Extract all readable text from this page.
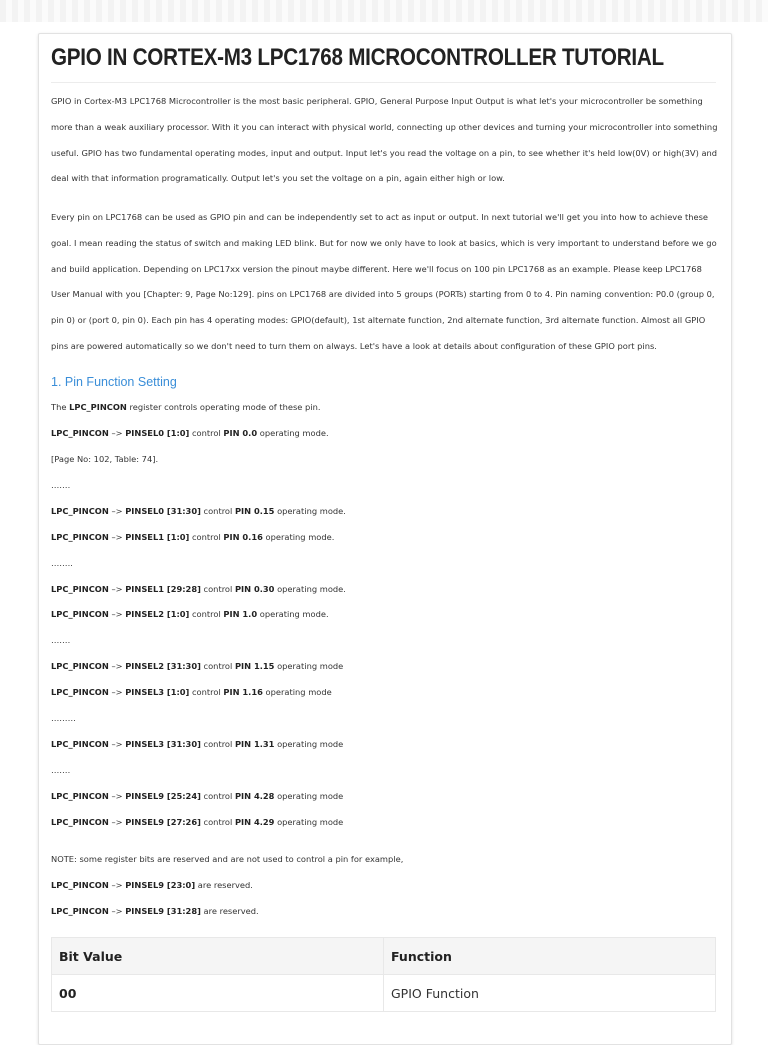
GPIO IN CORTEX-M3 LPC1768 MICROCONTROLLER TUTORIAL

GPIO in Cortex-M3 LPC1768 Microcontroller is the most basic peripheral. GPIO, General Purpose Input Output is what let's your microcontroller be something more than a weak auxiliary processor. With it you can interact with physical world, connecting up other devices and turning your microcontroller into something useful. GPIO has two fundamental operating modes, input and output. Input let's you read the voltage on a pin, to see whether it's held low(0V) or high(3V) and deal with that information programatically. Output let's you set the voltage on a pin, again either high or low.

Every pin on LPC1768 can be used as GPIO pin and can be independently set to act as input or output. In next tutorial we'll get you into how to achieve these goal. I mean reading the status of switch and making LED blink. But for now we only have to look at basics, which is very important to understand before we go and build application. Depending on LPC17xx version the pinout maybe different. Here we'll focus on 100 pin LPC1768 as an example. Please keep LPC1768 User Manual with you [Chapter: 9, Page No:129]. pins on LPC1768 are divided into 5 groups (PORTs) starting from 0 to 4. Pin naming convention: P0.0 (group 0, pin 0) or (port 0, pin 0). Each pin has 4 operating modes: GPIO(default), 1st alternate function, 2nd alternate function, 3rd alternate function. Almost all GPIO pins are powered automatically so we don't need to turn them on always. Let's have a look at details about configuration of these GPIO port pins.

1. Pin Function Setting

The LPC_PINCON register controls operating mode of these pin.

LPC_PINCON –> PINSEL0 [1:0] control PIN 0.0 operating mode.

[Page No: 102, Table: 74].

…….

LPC_PINCON –> PINSEL0 [31:30] control PIN 0.15 operating mode.

LPC_PINCON –> PINSEL1 [1:0] control PIN 0.16 operating mode.

……..

LPC_PINCON –> PINSEL1 [29:28] control PIN 0.30 operating mode.

LPC_PINCON –> PINSEL2 [1:0] control PIN 1.0 operating mode.

…….

LPC_PINCON –> PINSEL2 [31:30] control PIN 1.15 operating mode

LPC_PINCON –> PINSEL3 [1:0] control PIN 1.16 operating mode

………

LPC_PINCON –> PINSEL3 [31:30] control PIN 1.31 operating mode

…….

LPC_PINCON –> PINSEL9 [25:24] control PIN 4.28 operating mode

LPC_PINCON –> PINSEL9 [27:26] control PIN 4.29 operating mode

NOTE: some register bits are reserved and are not used to control a pin for example,

LPC_PINCON –> PINSEL9 [23:0] are reserved.

LPC_PINCON –> PINSEL9 [31:28] are reserved.

Bit Value	Function
00	GPIO Function
